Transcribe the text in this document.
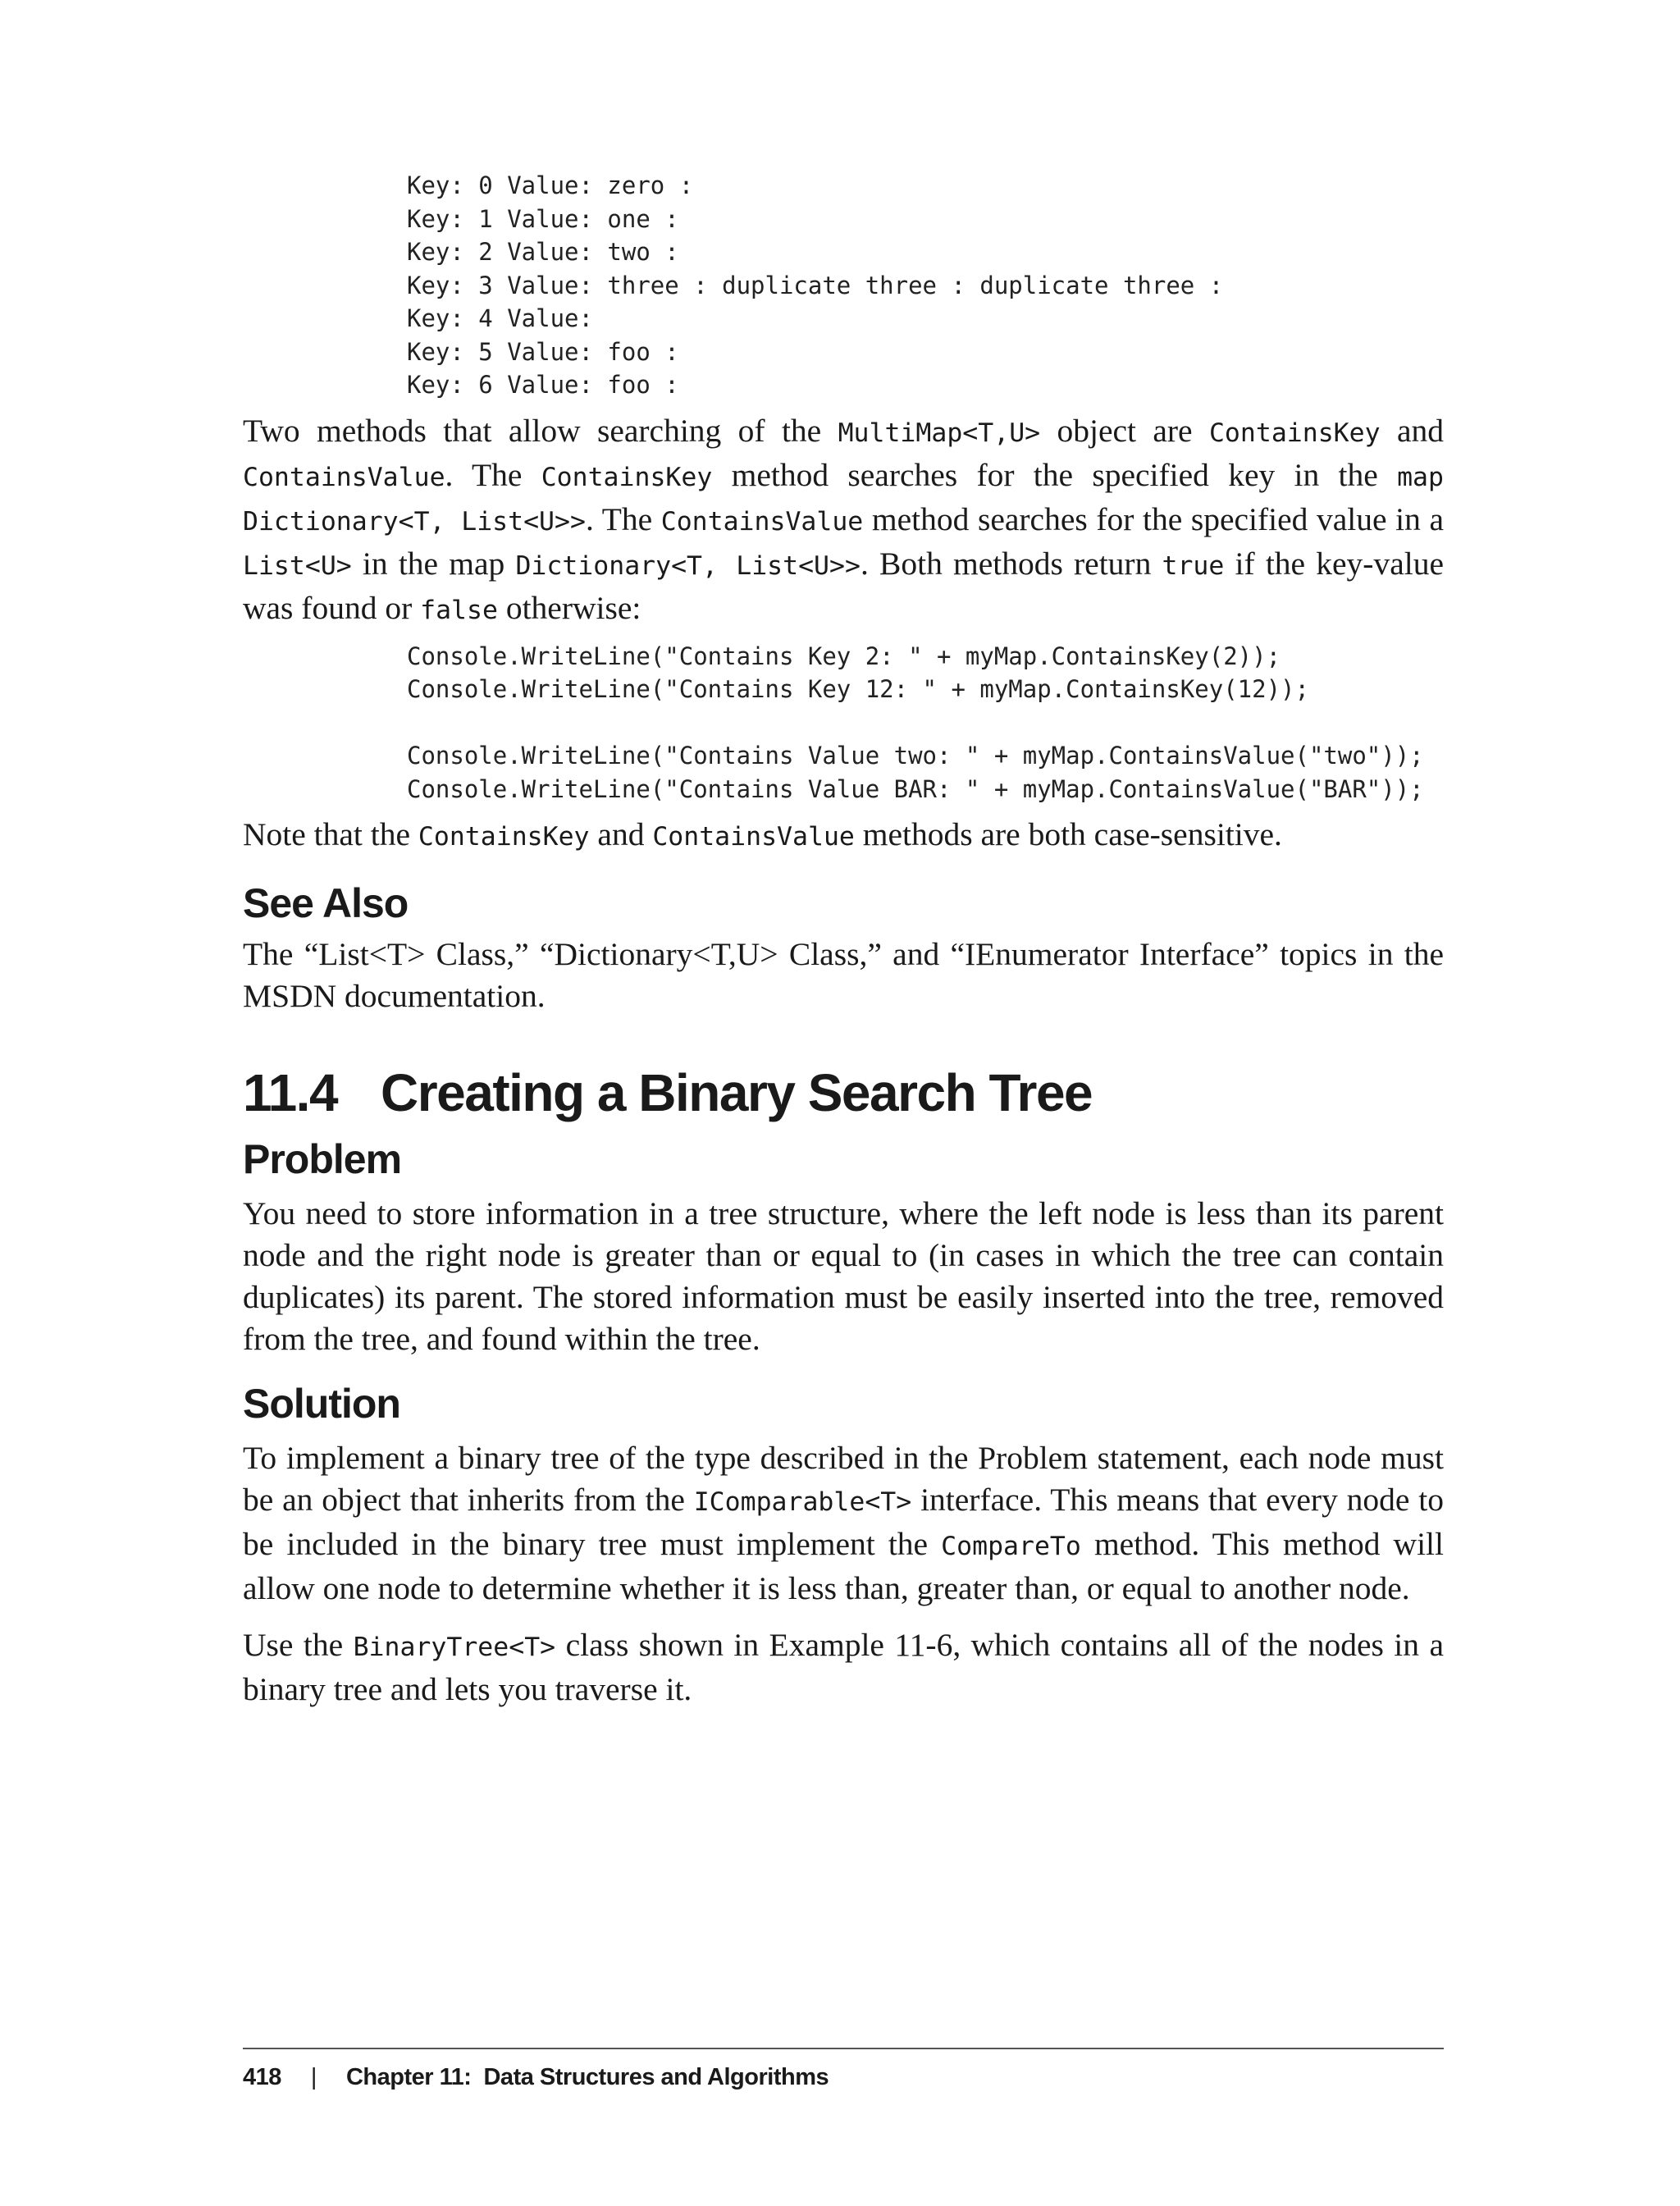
Key: 0 Value: zero :
Key: 1 Value: one :
Key: 2 Value: two :
Key: 3 Value: three : duplicate three : duplicate three :
Key: 4 Value:
Key: 5 Value: foo :
Key: 6 Value: foo :

Two methods that allow searching of the MultiMap<T,U> object are ContainsKey and ContainsValue. The ContainsKey method searches for the specified key in the map Dictionary<T, List<U>>. The ContainsValue method searches for the specified value in a List<U> in the map Dictionary<T, List<U>>. Both methods return true if the key-value was found or false otherwise:

Console.WriteLine("Contains Key 2: " + myMap.ContainsKey(2));
Console.WriteLine("Contains Key 12: " + myMap.ContainsKey(12));
Console.WriteLine("Contains Value two: " + myMap.ContainsValue("two"));
Console.WriteLine("Contains Value BAR: " + myMap.ContainsValue("BAR"));

Note that the ContainsKey and ContainsValue methods are both case-sensitive.

See Also

The “List<T> Class,” “Dictionary<T,U> Class,” and “IEnumerator Interface” topics in the MSDN documentation.

11.4 Creating a Binary Search Tree
Problem

You need to store information in a tree structure, where the left node is less than its parent node and the right node is greater than or equal to (in cases in which the tree can contain duplicates) its parent. The stored information must be easily inserted into the tree, removed from the tree, and found within the tree.

Solution

To implement a binary tree of the type described in the Problem statement, each node must be an object that inherits from the IComparable<T> interface. This means that every node to be included in the binary tree must implement the CompareTo method. This method will allow one node to determine whether it is less than, greater than, or equal to another node.

Use the BinaryTree<T> class shown in Example 11-6, which contains all of the nodes in a binary tree and lets you traverse it.

418 | Chapter 11:  Data Structures and Algorithms
